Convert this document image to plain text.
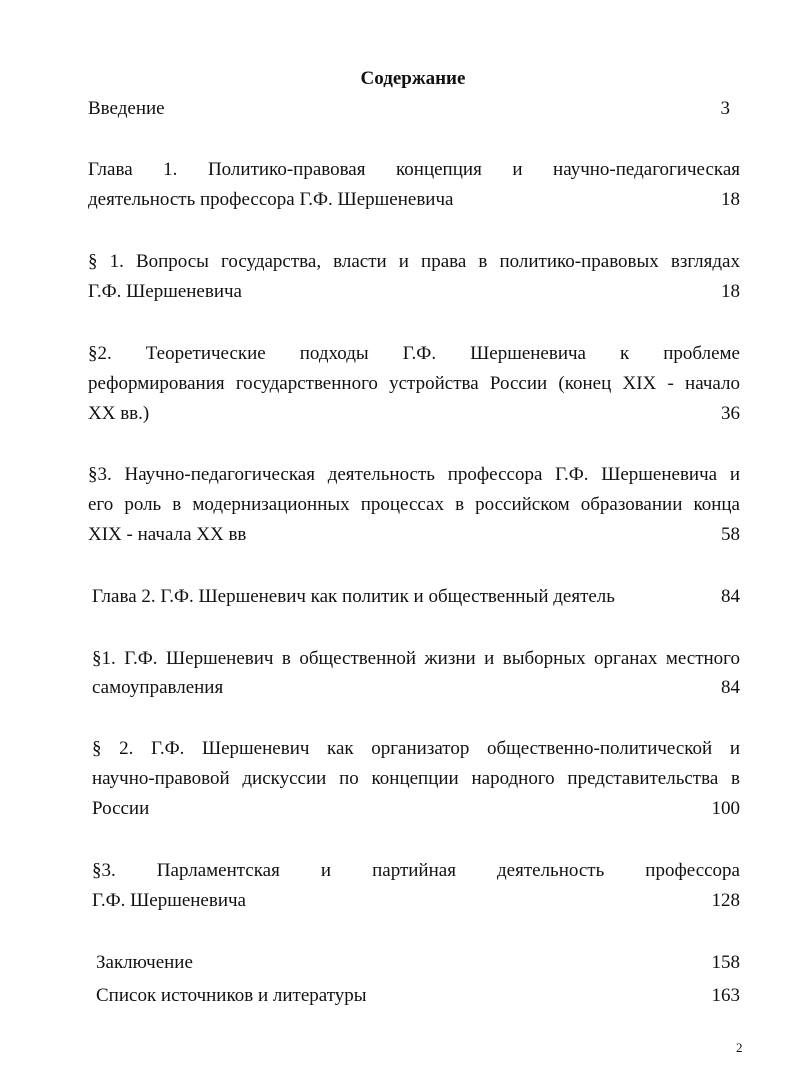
Содержание
Введение	3
Глава 1. Политико-правовая концепция и научно-педагогическая
деятельность профессора Г.Ф. Шершеневича	18
§ 1. Вопросы государства, власти и права в политико-правовых взглядах
Г.Ф. Шершеневича	18
§2. Теоретические подходы Г.Ф. Шершеневича к проблеме
реформирования государственного устройства России (конец XIX - начало
XX вв.)	36
§3. Научно-педагогическая деятельность профессора Г.Ф. Шершеневича и
его роль в модернизационных процессах в российском образовании конца
XIX - начала XX вв	58
Глава 2. Г.Ф. Шершеневич как политик и общественный деятель	84
§1. Г.Ф. Шершеневич в общественной жизни и выборных органах местного
самоуправления	84
§ 2. Г.Ф. Шершеневич как организатор общественно-политической и
научно-правовой дискуссии по концепции народного представительства в
России	100
§3. Парламентская и партийная деятельность профессора
Г.Ф. Шершеневича	128
Заключение	158
Список источников и литературы	163
2
